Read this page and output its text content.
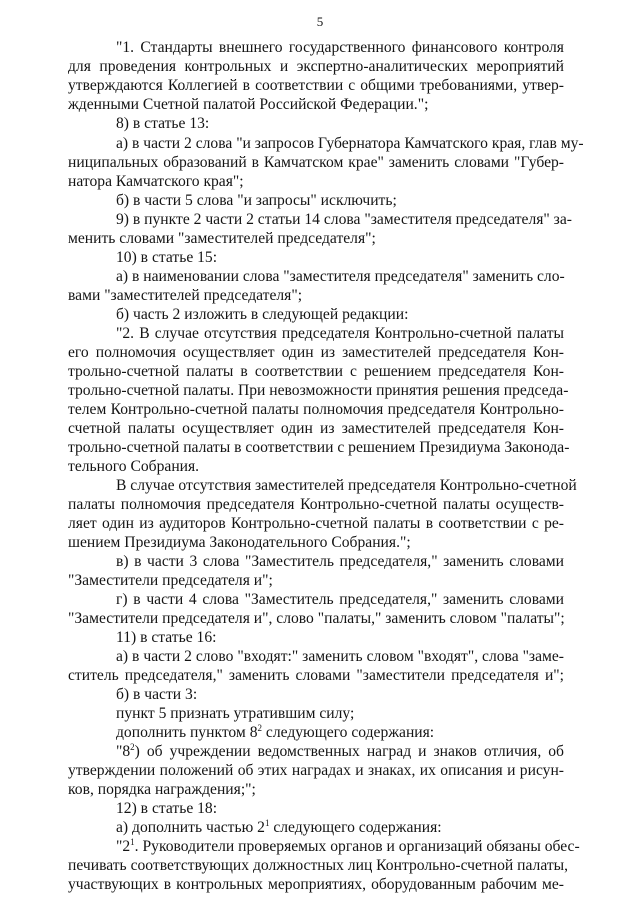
5
"1. Стандарты внешнего государственного финансового контроля
для проведения контрольных и экспертно-аналитических мероприятий
утверждаются Коллегией в соответствии с общими требованиями, утвер-
жденными Счетной палатой Российской Федерации.";
8) в статье 13:
а) в части 2 слова "и запросов Губернатора Камчатского края, глав му-
ниципальных образований в Камчатском крае" заменить словами "Губер-
натора Камчатского края";
б) в части 5 слова "и запросы" исключить;
9) в пункте 2 части 2 статьи 14 слова "заместителя председателя" за-
менить словами "заместителей председателя";
10) в статье 15:
а) в наименовании слова "заместителя председателя" заменить сло-
вами "заместителей председателя";
б) часть 2 изложить в следующей редакции:
"2. В случае отсутствия председателя Контрольно-счетной палаты
его полномочия осуществляет один из заместителей председателя Кон-
трольно-счетной палаты в соответствии с решением председателя Кон-
трольно-счетной палаты. При невозможности принятия решения председа-
телем Контрольно-счетной палаты полномочия председателя Контрольно-
счетной палаты осуществляет один из заместителей председателя Кон-
трольно-счетной палаты в соответствии с решением Президиума Законода-
тельного Собрания.
В случае отсутствия заместителей председателя Контрольно-счетной
палаты полномочия председателя Контрольно-счетной палаты осуществ-
ляет один из аудиторов Контрольно-счетной палаты в соответствии с ре-
шением Президиума Законодательного Собрания.";
в) в части 3 слова "Заместитель председателя," заменить словами
"Заместители председателя и";
г) в части 4 слова "Заместитель председателя," заменить словами
"Заместители председателя и", слово "палаты," заменить словом "палаты";
11) в статье 16:
а) в части 2 слово "входят:" заменить словом "входят", слова "заме-
ститель председателя," заменить словами "заместители председателя и";
б) в части 3:
пункт 5 признать утратившим силу;
дополнить пунктом $8^2$ следующего содержания:
"$8^2$) об учреждении ведомственных наград и знаков отличия, об
утверждении положений об этих наградах и знаках, их описания и рисун-
ков, порядка награждения;";
12) в статье 18:
а) дополнить частью $2^1$ следующего содержания:
"$2^1$. Руководители проверяемых органов и организаций обязаны обес-
печивать соответствующих должностных лиц Контрольно-счетной палаты,
участвующих в контрольных мероприятиях, оборудованным рабочим ме-
